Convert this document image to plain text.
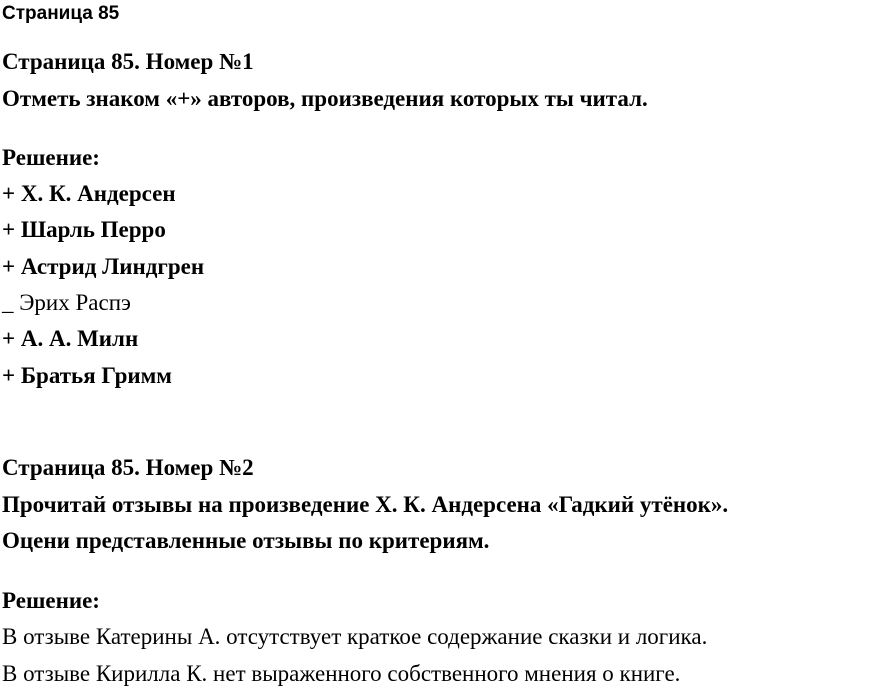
Страница 85
Страница 85. Номер №1
Отметь знаком «+» авторов, произведения которых ты читал.
Решение:
+ Х. К. Андерсен
+ Шарль Перро
+ Астрид Линдгрен
_ Эрих Распэ
+ А. А. Милн
+ Братья Гримм
Страница 85. Номер №2
Прочитай отзывы на произведение Х. К. Андерсена «Гадкий утёнок».
Оцени представленные отзывы по критериям.
Решение:
В отзыве Катерины А. отсутствует краткое содержание сказки и логика.
В отзыве Кирилла К. нет выраженного собственного мнения о книге.
